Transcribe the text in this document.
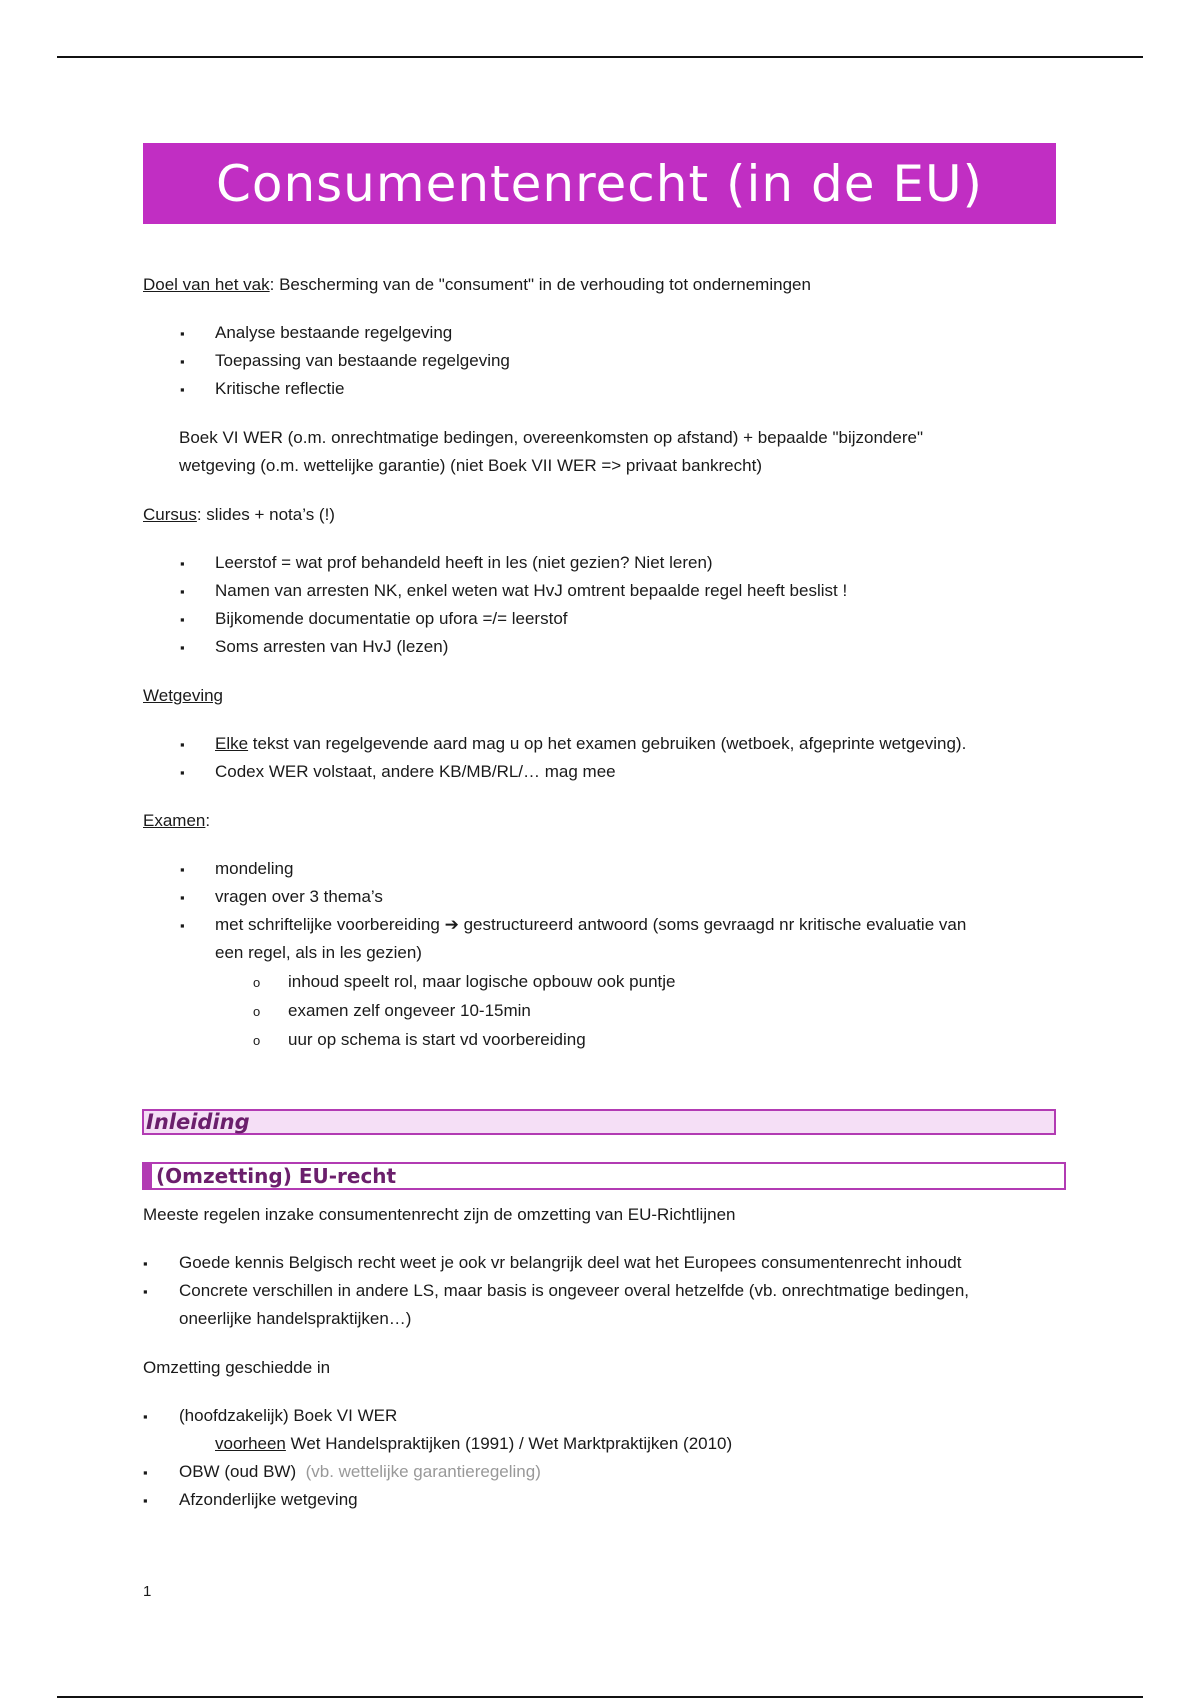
Consumentenrecht (in de EU)
Doel van het vak: Bescherming van de "consument" in de verhouding tot ondernemingen
▪ Analyse bestaande regelgeving
▪ Toepassing van bestaande regelgeving
▪ Kritische reflectie
Boek VI WER (o.m. onrechtmatige bedingen, overeenkomsten op afstand) + bepaalde "bijzondere"
wetgeving (o.m. wettelijke garantie) (niet Boek VII WER => privaat bankrecht)
Cursus: slides + nota’s (!)
▪ Leerstof = wat prof behandeld heeft in les (niet gezien? Niet leren)
▪ Namen van arresten NK, enkel weten wat HvJ omtrent bepaalde regel heeft beslist !
▪ Bijkomende documentatie op ufora =/= leerstof
▪ Soms arresten van HvJ (lezen)
Wetgeving
▪ Elke tekst van regelgevende aard mag u op het examen gebruiken (wetboek, afgeprinte wetgeving).
▪ Codex WER volstaat, andere KB/MB/RL/… mag mee
Examen:
▪ mondeling
▪ vragen over 3 thema’s
▪ met schriftelijke voorbereiding ➔ gestructureerd antwoord (soms gevraagd nr kritische evaluatie van
een regel, als in les gezien)
o inhoud speelt rol, maar logische opbouw ook puntje
o examen zelf ongeveer 10-15min
o uur op schema is start vd voorbereiding
Inleiding
(Omzetting) EU-recht
Meeste regelen inzake consumentenrecht zijn de omzetting van EU-Richtlijnen
▪ Goede kennis Belgisch recht weet je ook vr belangrijk deel wat het Europees consumentenrecht inhoudt
▪ Concrete verschillen in andere LS, maar basis is ongeveer overal hetzelfde (vb. onrechtmatige bedingen,
oneerlijke handelspraktijken…)
Omzetting geschiedde in
▪ (hoofdzakelijk) Boek VI WER
voorheen Wet Handelspraktijken (1991) / Wet Marktpraktijken (2010)
▪ OBW (oud BW) (vb. wettelijke garantieregeling)
▪ Afzonderlijke wetgeving
1
